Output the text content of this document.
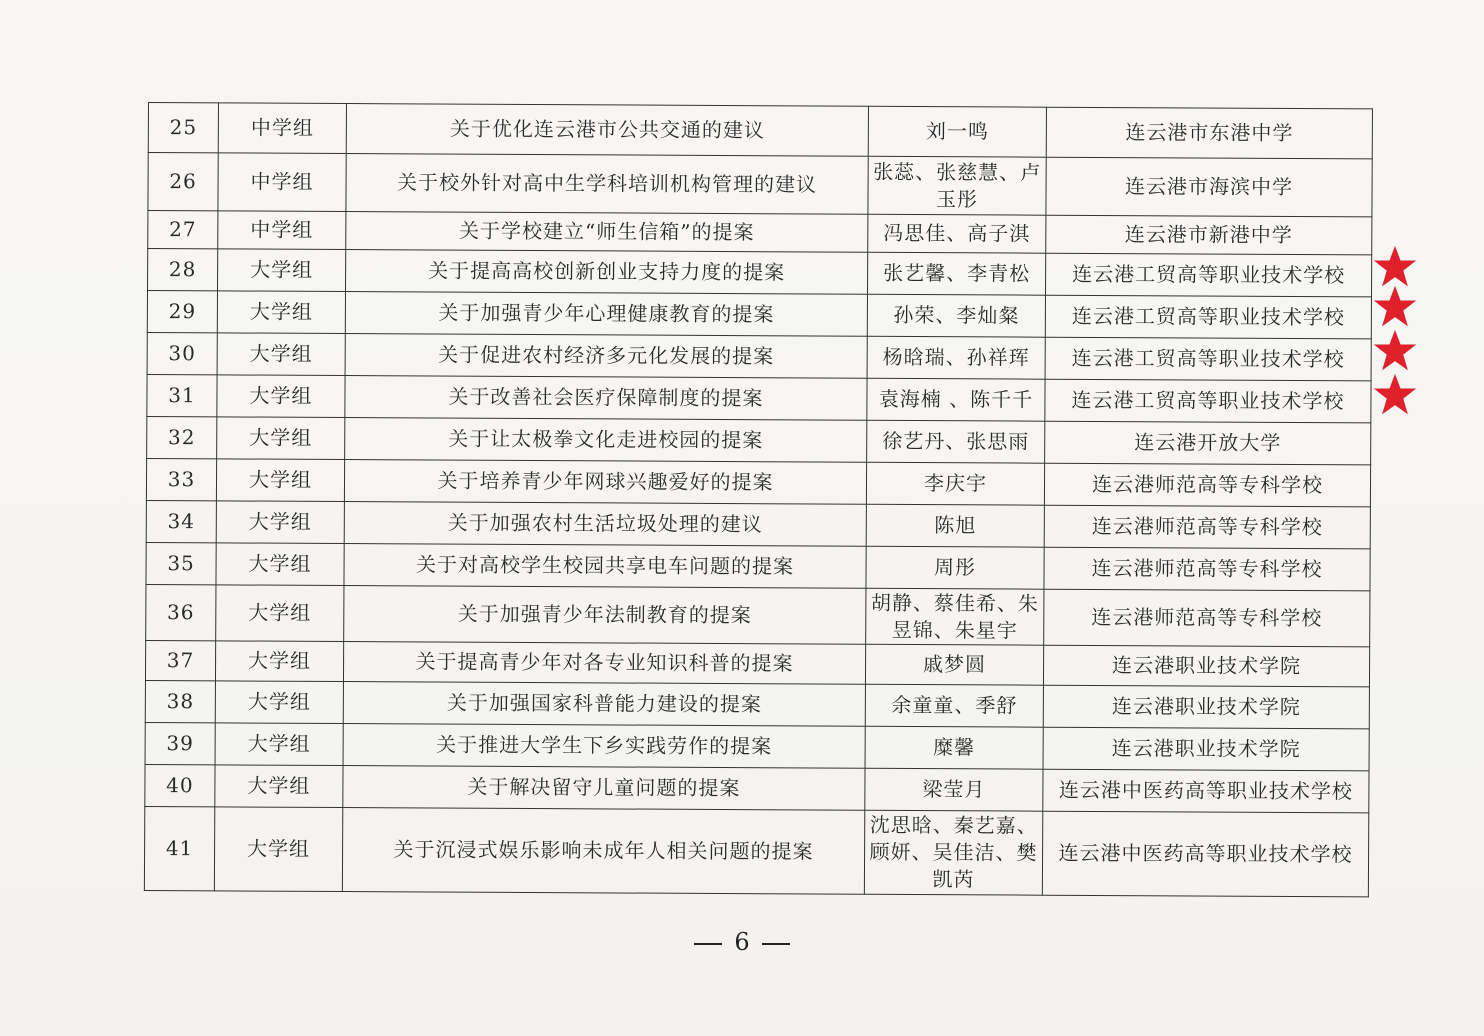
25	中学组	关于优化连云港市公共交通的建议	刘一鸣	连云港市东港中学
26	中学组	关于校外针对高中生学科培训机构管理的建议	张蕊、张慈慧、卢玉彤	连云港市海滨中学
27	中学组	关于学校建立“师生信箱”的提案	冯思佳、高子淇	连云港市新港中学
28	大学组	关于提高高校创新创业支持力度的提案	张艺馨、李青松	连云港工贸高等职业技术学校
29	大学组	关于加强青少年心理健康教育的提案	孙荣、李灿粲	连云港工贸高等职业技术学校
30	大学组	关于促进农村经济多元化发展的提案	杨晗瑞、孙祥珲	连云港工贸高等职业技术学校
31	大学组	关于改善社会医疗保障制度的提案	袁海楠 、陈千千	连云港工贸高等职业技术学校
32	大学组	关于让太极拳文化走进校园的提案	徐艺丹、张思雨	连云港开放大学
33	大学组	关于培养青少年网球兴趣爱好的提案	李庆宇	连云港师范高等专科学校
34	大学组	关于加强农村生活垃圾处理的建议	陈旭	连云港师范高等专科学校
35	大学组	关于对高校学生校园共享电车问题的提案	周彤	连云港师范高等专科学校
36	大学组	关于加强青少年法制教育的提案	胡静、蔡佳希、朱昱锦、朱星宇	连云港师范高等专科学校
37	大学组	关于提高青少年对各专业知识科普的提案	戚梦圆	连云港职业技术学院
38	大学组	关于加强国家科普能力建设的提案	余童童、季舒	连云港职业技术学院
39	大学组	关于推进大学生下乡实践劳作的提案	糜馨	连云港职业技术学院
40	大学组	关于解决留守儿童问题的提案	梁莹月	连云港中医药高等职业技术学校
41	大学组	关于沉浸式娱乐影响未成年人相关问题的提案	沈思晗、秦艺嘉、顾妍、吴佳洁、樊凯芮	连云港中医药高等职业技术学校
6
